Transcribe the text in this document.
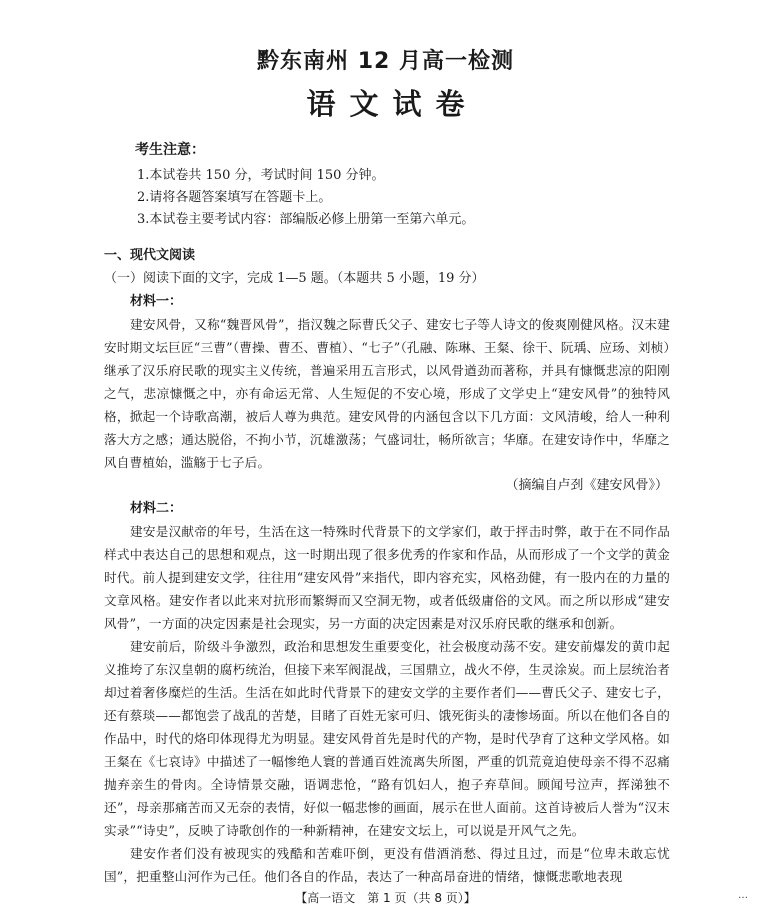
黔东南州 12 月高一检测
语文试卷

考生注意：

1.本试卷共 150 分，考试时间 150 分钟。

2.请将各题答案填写在答题卡上。

3.本试卷主要考试内容：部编版必修上册第一至第六单元。

一、现代文阅读

（一）阅读下面的文字，完成 1—5 题。（本题共 5 小题，19 分）

材料一：

建安风骨，又称“魏晋风骨”，指汉魏之际曹氏父子、建安七子等人诗文的俊爽刚健风格。汉末建安时期文坛巨匠“三曹”（曹操、曹丕、曹植）、“七子”（孔融、陈琳、王粲、徐干、阮瑀、应玚、刘桢）继承了汉乐府民歌的现实主义传统，普遍采用五言形式，以风骨遒劲而著称，并具有慷慨悲凉的阳刚之气，悲凉慷慨之中，亦有命运无常、人生短促的不安心境，形成了文学史上“建安风骨”的独特风格，掀起一个诗歌高潮，被后人尊为典范。建安风骨的内涵包含以下几方面：文风清峻，给人一种利落大方之感；通达脱俗，不拘小节，沉雄激荡；气盛词壮，畅所欲言；华靡。在建安诗作中，华靡之风自曹植始，滥觞于七子后。

（摘编自卢刭《建安风骨》）

材料二：

建安是汉献帝的年号，生活在这一特殊时代背景下的文学家们，敢于抨击时弊，敢于在不同作品样式中表达自己的思想和观点，这一时期出现了很多优秀的作家和作品，从而形成了一个文学的黄金时代。前人提到建安文学，往往用“建安风骨”来指代，即内容充实，风格劲健，有一股内在的力量的文章风格。建安作者以此来对抗形而繁缛而又空洞无物，或者低级庸俗的文风。而之所以形成“建安风骨”，一方面的决定因素是社会现实，另一方面的决定因素是对汉乐府民歌的继承和创新。

建安前后，阶级斗争激烈，政治和思想发生重要变化，社会极度动荡不安。建安前爆发的黄巾起义推垮了东汉皇朝的腐朽统治，但接下来军阀混战，三国鼎立，战火不停，生灵涂炭。而上层统治者却过着奢侈糜烂的生活。生活在如此时代背景下的建安文学的主要作者们——曹氏父子、建安七子，还有蔡琰——都饱尝了战乱的苦楚，目睹了百姓无家可归、饿死街头的凄惨场面。所以在他们各自的作品中，时代的烙印体现得尤为明显。建安风骨首先是时代的产物，是时代孕育了这种文学风格。如王粲在《七哀诗》中描述了一幅惨绝人寰的普通百姓流离失所图，严重的饥荒竟迫使母亲不得不忍痛抛弃亲生的骨肉。全诗情景交融，语调悲怆，“路有饥妇人，抱子弃草间。顾闻号泣声，挥涕独不还”，母亲那痛苦而又无奈的表情，好似一幅悲惨的画面，展示在世人面前。这首诗被后人誉为“汉末实录”“诗史”，反映了诗歌创作的一种新精神，在建安文坛上，可以说是开风气之先。

建安作者们没有被现实的残酷和苦难吓倒，更没有借酒消愁、得过且过，而是“位卑未敢忘忧国”，把重整山河作为己任。他们各自的作品，表达了一种高昂奋进的情绪，慷慨悲歌地表现

【高一语文　第 1 页（共 8 页）】	…
